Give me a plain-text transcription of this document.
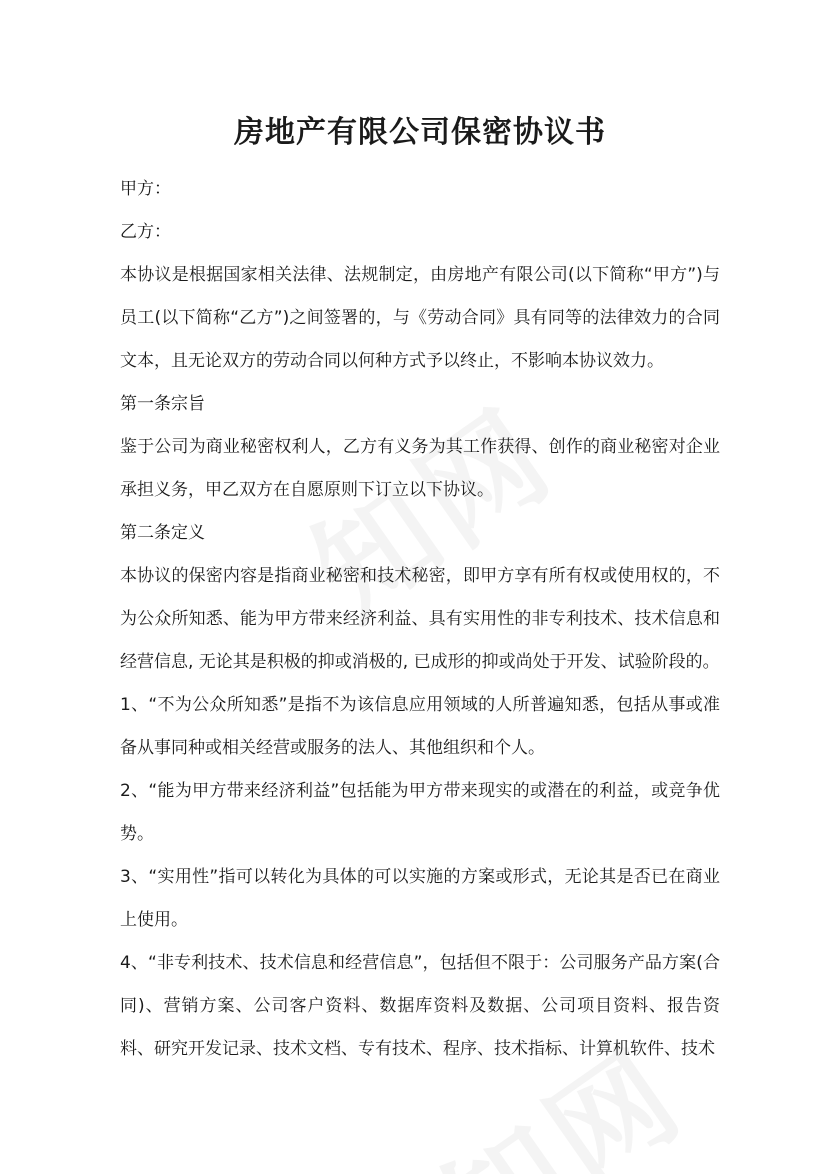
房地产有限公司保密协议书

甲方：

乙方：

本协议是根据国家相关法律、法规制定，由房地产有限公司(以下简称“甲方”)与员工(以下简称“乙方”)之间签署的，与《劳动合同》具有同等的法律效力的合同文本，且无论双方的劳动合同以何种方式予以终止，不影响本协议效力。

第一条宗旨

鉴于公司为商业秘密权利人，乙方有义务为其工作获得、创作的商业秘密对企业承担义务，甲乙双方在自愿原则下订立以下协议。

第二条定义

本协议的保密内容是指商业秘密和技术秘密，即甲方享有所有权或使用权的，不为公众所知悉、能为甲方带来经济利益、具有实用性的非专利技术、技术信息和经营信息, 无论其是积极的抑或消极的, 已成形的抑或尚处于开发、试验阶段的。

1、“不为公众所知悉”是指不为该信息应用领域的人所普遍知悉，包括从事或准备从事同种或相关经营或服务的法人、其他组织和个人。

2、“能为甲方带来经济利益”包括能为甲方带来现实的或潜在的利益，或竞争优势。

3、“实用性”指可以转化为具体的可以实施的方案或形式，无论其是否已在商业上使用。

4、“非专利技术、技术信息和经营信息”，包括但不限于：公司服务产品方案(合同)、营销方案、公司客户资料、数据库资料及数据、公司项目资料、报告资料、研究开发记录、技术文档、专有技术、程序、技术指标、计算机软件、技术
